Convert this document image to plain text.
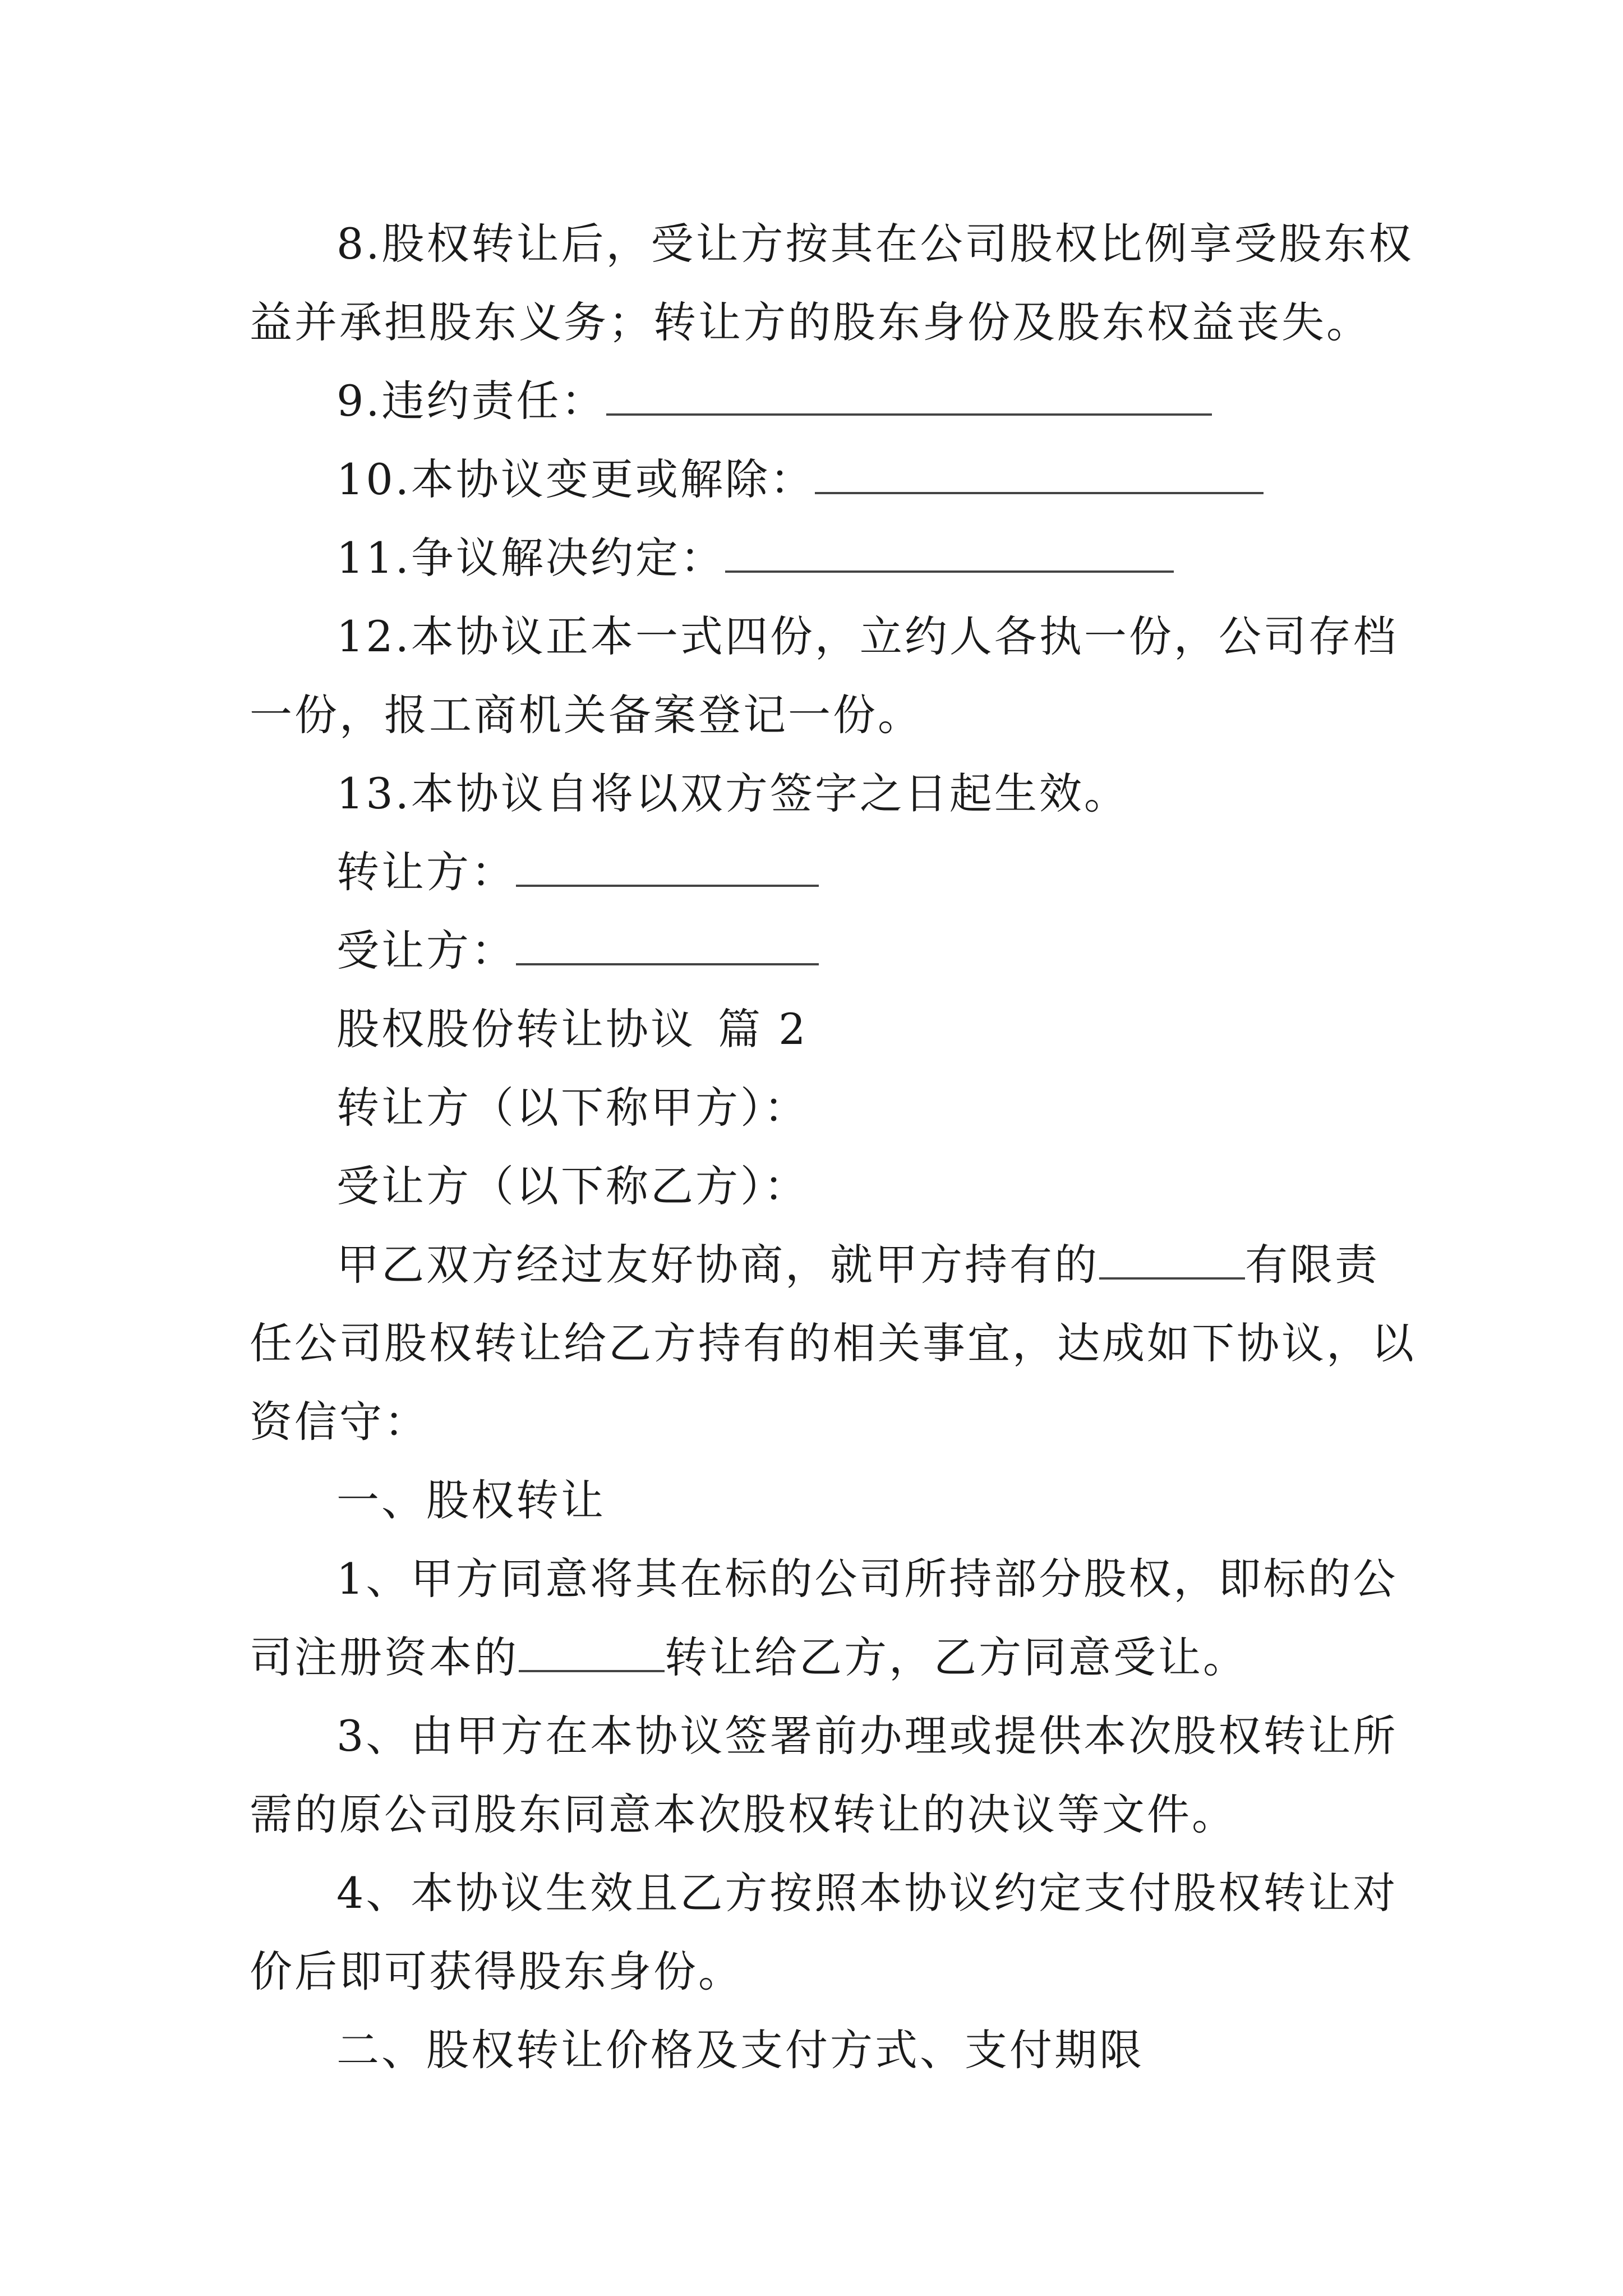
8.股权转让后，受让方按其在公司股权比例享受股东权
益并承担股东义务；转让方的股东身份及股东权益丧失。
9.违约责任：
10.本协议变更或解除：
11.争议解决约定：
12.本协议正本一式四份，立约人各执一份，公司存档
一份，报工商机关备案登记一份。
13.本协议自将以双方签字之日起生效。
转让方：
受让方：
股权股份转让协议 篇 2
转让方（以下称甲方）：
受让方（以下称乙方）：
甲乙双方经过友好协商，就甲方持有的	有限责
任公司股权转让给乙方持有的相关事宜，达成如下协议，以
资信守：
一、股权转让
1、甲方同意将其在标的公司所持部分股权，即标的公
司注册资本的	转让给乙方，乙方同意受让。
3、由甲方在本协议签署前办理或提供本次股权转让所
需的原公司股东同意本次股权转让的决议等文件。
4、本协议生效且乙方按照本协议约定支付股权转让对
价后即可获得股东身份。
二、股权转让价格及支付方式、支付期限
